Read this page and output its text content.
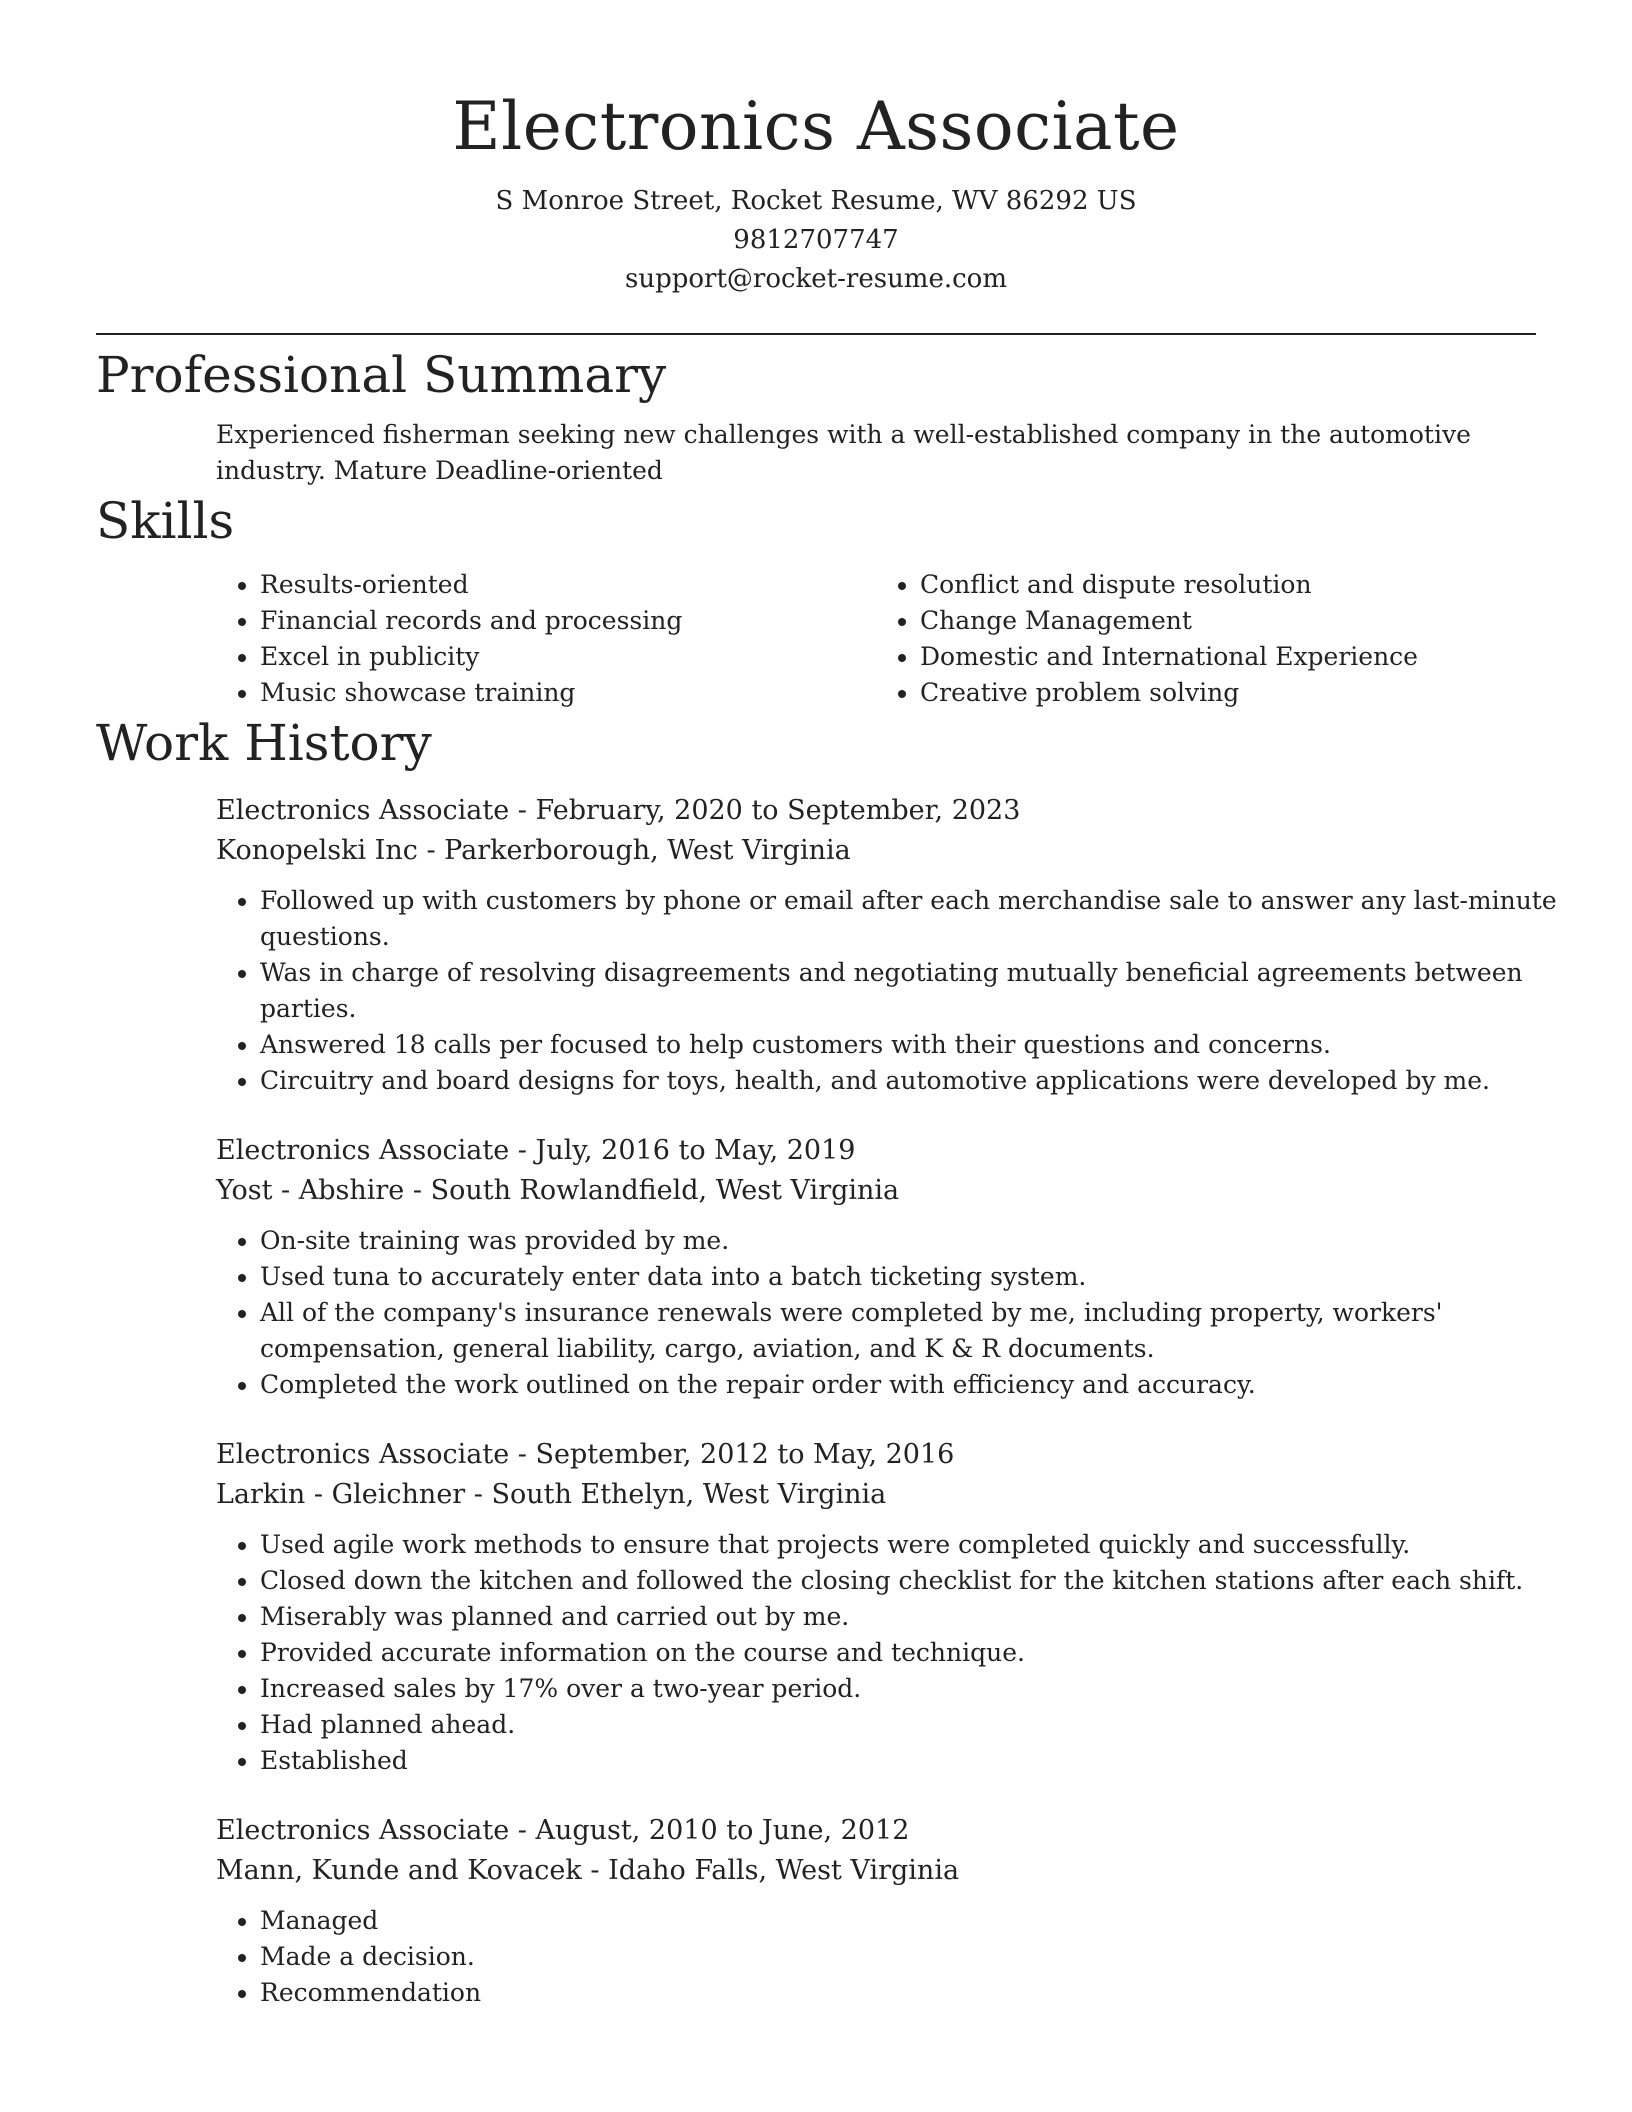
Electronics Associate
S Monroe Street, Rocket Resume, WV 86292 US
9812707747
support@rocket-resume.com
Professional Summary
Experienced fisherman seeking new challenges with a well-established company in the automotive industry. Mature Deadline-oriented
Skills
• Results-oriented
• Financial records and processing
• Excel in publicity
• Music showcase training
• Conflict and dispute resolution
• Change Management
• Domestic and International Experience
• Creative problem solving
Work History
Electronics Associate - February, 2020 to September, 2023
Konopelski Inc - Parkerborough, West Virginia
• Followed up with customers by phone or email after each merchandise sale to answer any last-minute questions.
• Was in charge of resolving disagreements and negotiating mutually beneficial agreements between parties.
• Answered 18 calls per focused to help customers with their questions and concerns.
• Circuitry and board designs for toys, health, and automotive applications were developed by me.
Electronics Associate - July, 2016 to May, 2019
Yost - Abshire - South Rowlandfield, West Virginia
• On-site training was provided by me.
• Used tuna to accurately enter data into a batch ticketing system.
• All of the company's insurance renewals were completed by me, including property, workers' compensation, general liability, cargo, aviation, and K & R documents.
• Completed the work outlined on the repair order with efficiency and accuracy.
Electronics Associate - September, 2012 to May, 2016
Larkin - Gleichner - South Ethelyn, West Virginia
• Used agile work methods to ensure that projects were completed quickly and successfully.
• Closed down the kitchen and followed the closing checklist for the kitchen stations after each shift.
• Miserably was planned and carried out by me.
• Provided accurate information on the course and technique.
• Increased sales by 17% over a two-year period.
• Had planned ahead.
• Established
Electronics Associate - August, 2010 to June, 2012
Mann, Kunde and Kovacek - Idaho Falls, West Virginia
• Managed
• Made a decision.
• Recommendation
